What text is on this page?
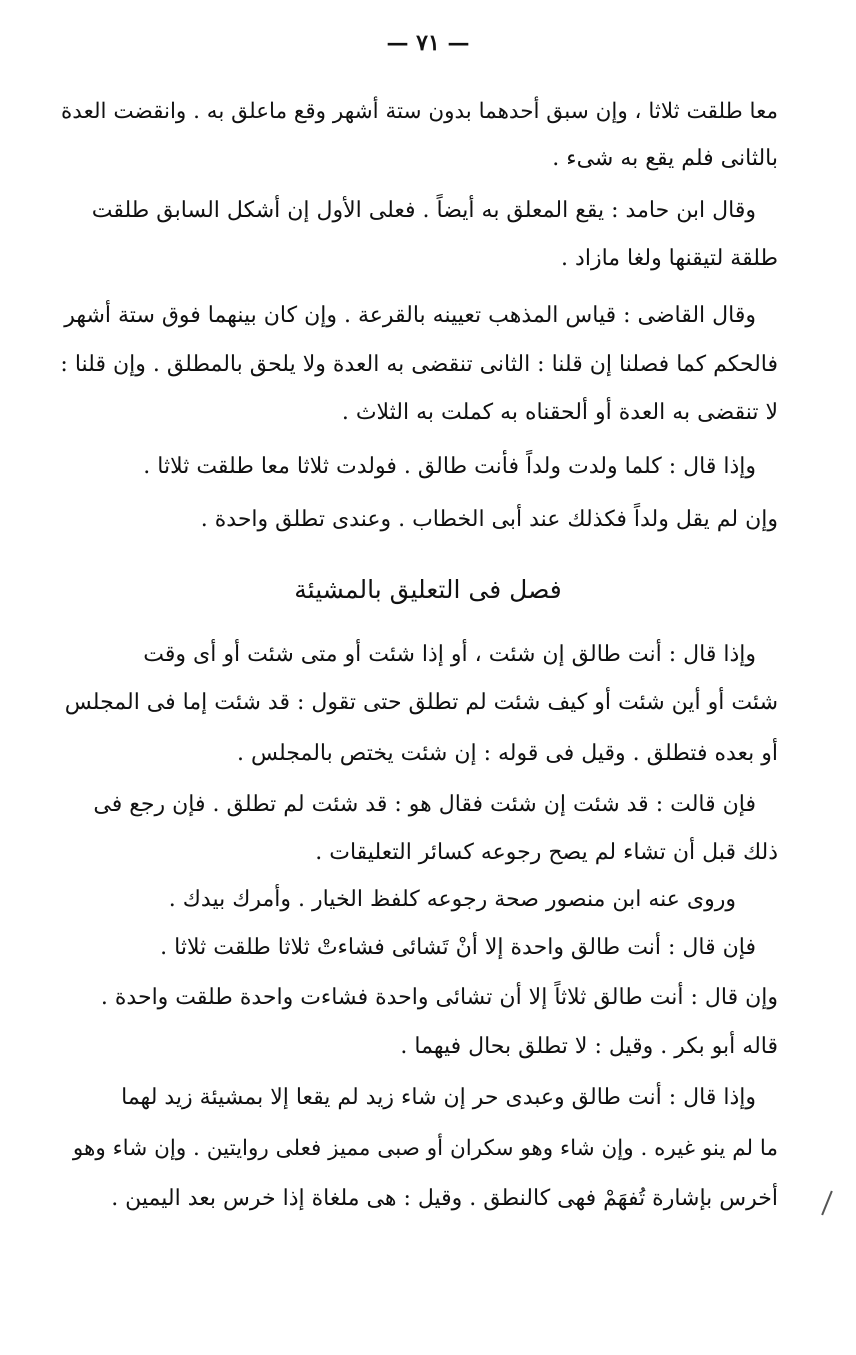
— ٧١ —
معا طلقت ثلاثا ، وإن سبق أحدهما بدون ستة أشهر وقع ماعلق به . وانقضت العدة
بالثانى فلم يقع به شىء .
وقال ابن حامد : يقع المعلق به أيضاً . فعلى الأول إن أشكل السابق طلقت
طلقة لتيقنها ولغا مازاد .
وقال القاضى : قياس المذهب تعيينه بالقرعة . وإن كان بينهما فوق ستة أشهر
فالحكم كما فصلنا إن قلنا : الثانى تنقضى به العدة ولا يلحق بالمطلق . وإن قلنا :
لا تنقضى به العدة أو ألحقناه به كملت به الثلاث .
وإذا قال : كلما ولدت ولداً فأنت طالق . فولدت ثلاثا معا طلقت ثلاثا .
وإن لم يقل ولداً فكذلك عند أبى الخطاب . وعندى تطلق واحدة .
فصل فى التعليق بالمشيئة
وإذا قال : أنت طالق إن شئت ، أو إذا شئت أو متى شئت أو أى وقت
شئت أو أين شئت أو كيف شئت لم تطلق حتى تقول : قد شئت إما فى المجلس
أو بعده فتطلق . وقيل فى قوله : إن شئت يختص بالمجلس .
فإن قالت : قد شئت إن شئت فقال هو : قد شئت لم تطلق . فإن رجع فى
ذلك قبل أن تشاء لم يصح رجوعه كسائر التعليقات .
وروى عنه ابن منصور صحة رجوعه كلفظ الخيار . وأمرك بيدك .
فإن قال : أنت طالق واحدة إلا أنْ تَشائى فشاءتْ ثلاثا طلقت ثلاثا .
وإن قال : أنت طالق ثلاثاً إلا أن تشائى واحدة فشاءت واحدة طلقت واحدة .
قاله أبو بكر . وقيل : لا تطلق بحال فيهما .
وإذا قال : أنت طالق وعبدى حر إن شاء زيد لم يقعا إلا بمشيئة زيد لهما
ما لم ينو غيره . وإن شاء وهو سكران أو صبى مميز فعلى روايتين . وإن شاء وهو
أخرس بإشارة تُفهَمْ فهى كالنطق . وقيل : هى ملغاة إذا خرس بعد اليمين .
